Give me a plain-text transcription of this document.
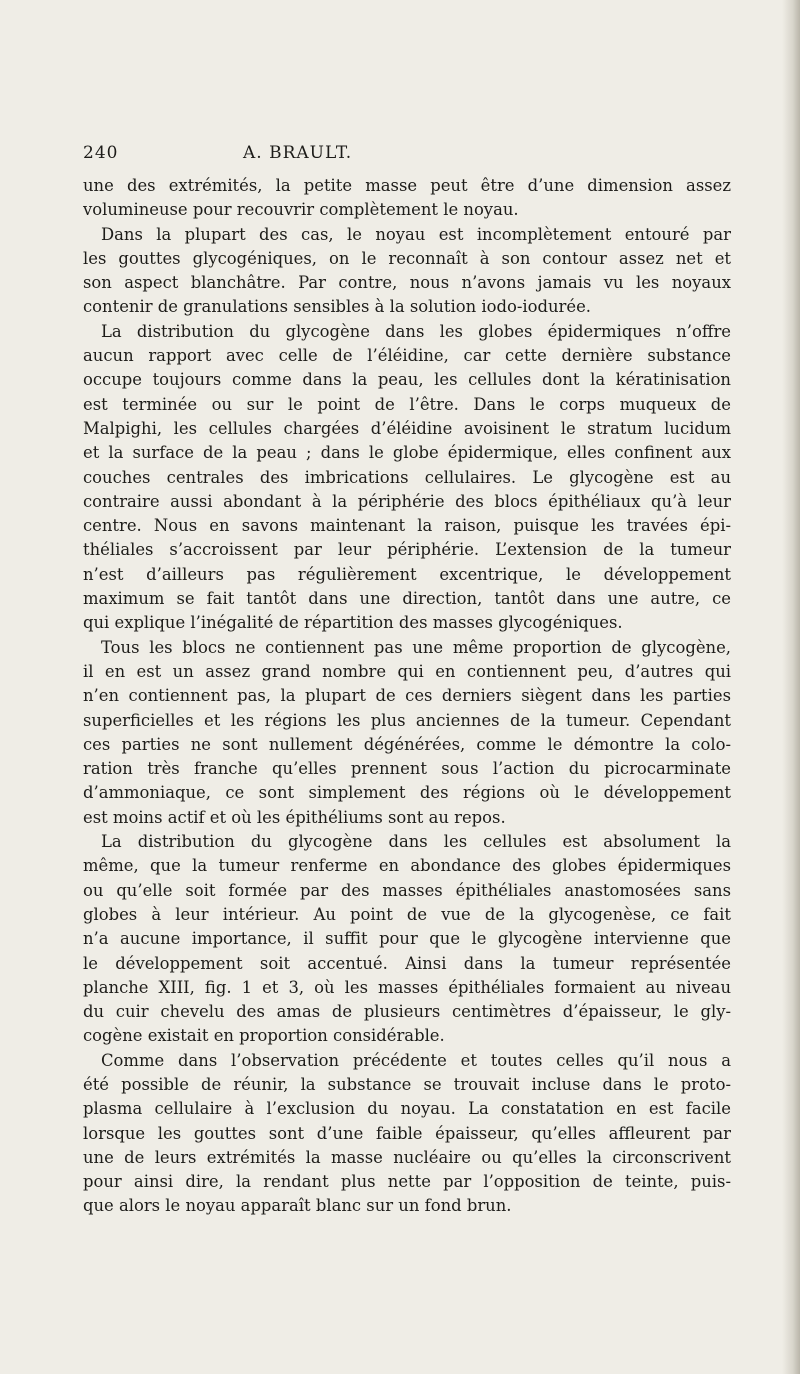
240	A. BRAULT.
une des extrémités, la petite masse peut être d’une dimension assez
volumineuse pour recouvrir complètement le noyau.
Dans la plupart des cas, le noyau est incomplètement entouré par
les gouttes glycogéniques, on le reconnaît à son contour assez net et
son aspect blanchâtre. Par contre, nous n’avons jamais vu les noyaux
contenir de granulations sensibles à la solution iodo-iodurée.
La distribution du glycogène dans les globes épidermiques n’offre
aucun rapport avec celle de l’éléidine, car cette dernière substance
occupe toujours comme dans la peau, les cellules dont la kératinisation
est terminée ou sur le point de l’être. Dans le corps muqueux de
Malpighi, les cellules chargées d’éléidine avoisinent le stratum lucidum
et la surface de la peau ; dans le globe épidermique, elles confinent aux
couches centrales des imbrications cellulaires. Le glycogène est au
contraire aussi abondant à la périphérie des blocs épithéliaux qu’à leur
centre. Nous en savons maintenant la raison, puisque les travées épi-
théliales s’accroissent par leur périphérie. L’extension de la tumeur
n’est d’ailleurs pas régulièrement excentrique, le développement
maximum se fait tantôt dans une direction, tantôt dans une autre, ce
qui explique l’inégalité de répartition des masses glycogéniques.
Tous les blocs ne contiennent pas une même proportion de glycogène,
il en est un assez grand nombre qui en contiennent peu, d’autres qui
n’en contiennent pas, la plupart de ces derniers siègent dans les parties
superficielles et les régions les plus anciennes de la tumeur. Cependant
ces parties ne sont nullement dégénérées, comme le démontre la colo-
ration très franche qu’elles prennent sous l’action du picrocarminate
d’ammoniaque, ce sont simplement des régions où le développement
est moins actif et où les épithéliums sont au repos.
La distribution du glycogène dans les cellules est absolument la
même, que la tumeur renferme en abondance des globes épidermiques
ou qu’elle soit formée par des masses épithéliales anastomosées sans
globes à leur intérieur. Au point de vue de la glycogenèse, ce fait
n’a aucune importance, il suffit pour que le glycogène intervienne que
le développement soit accentué. Ainsi dans la tumeur représentée
planche XIII, fig. 1 et 3, où les masses épithéliales formaient au niveau
du cuir chevelu des amas de plusieurs centimètres d’épaisseur, le gly-
cogène existait en proportion considérable.
Comme dans l’observation précédente et toutes celles qu’il nous a
été possible de réunir, la substance se trouvait incluse dans le proto-
plasma cellulaire à l’exclusion du noyau. La constatation en est facile
lorsque les gouttes sont d’une faible épaisseur, qu’elles affleurent par
une de leurs extrémités la masse nucléaire ou qu’elles la circonscrivent
pour ainsi dire, la rendant plus nette par l’opposition de teinte, puis-
que alors le noyau apparaît blanc sur un fond brun.
